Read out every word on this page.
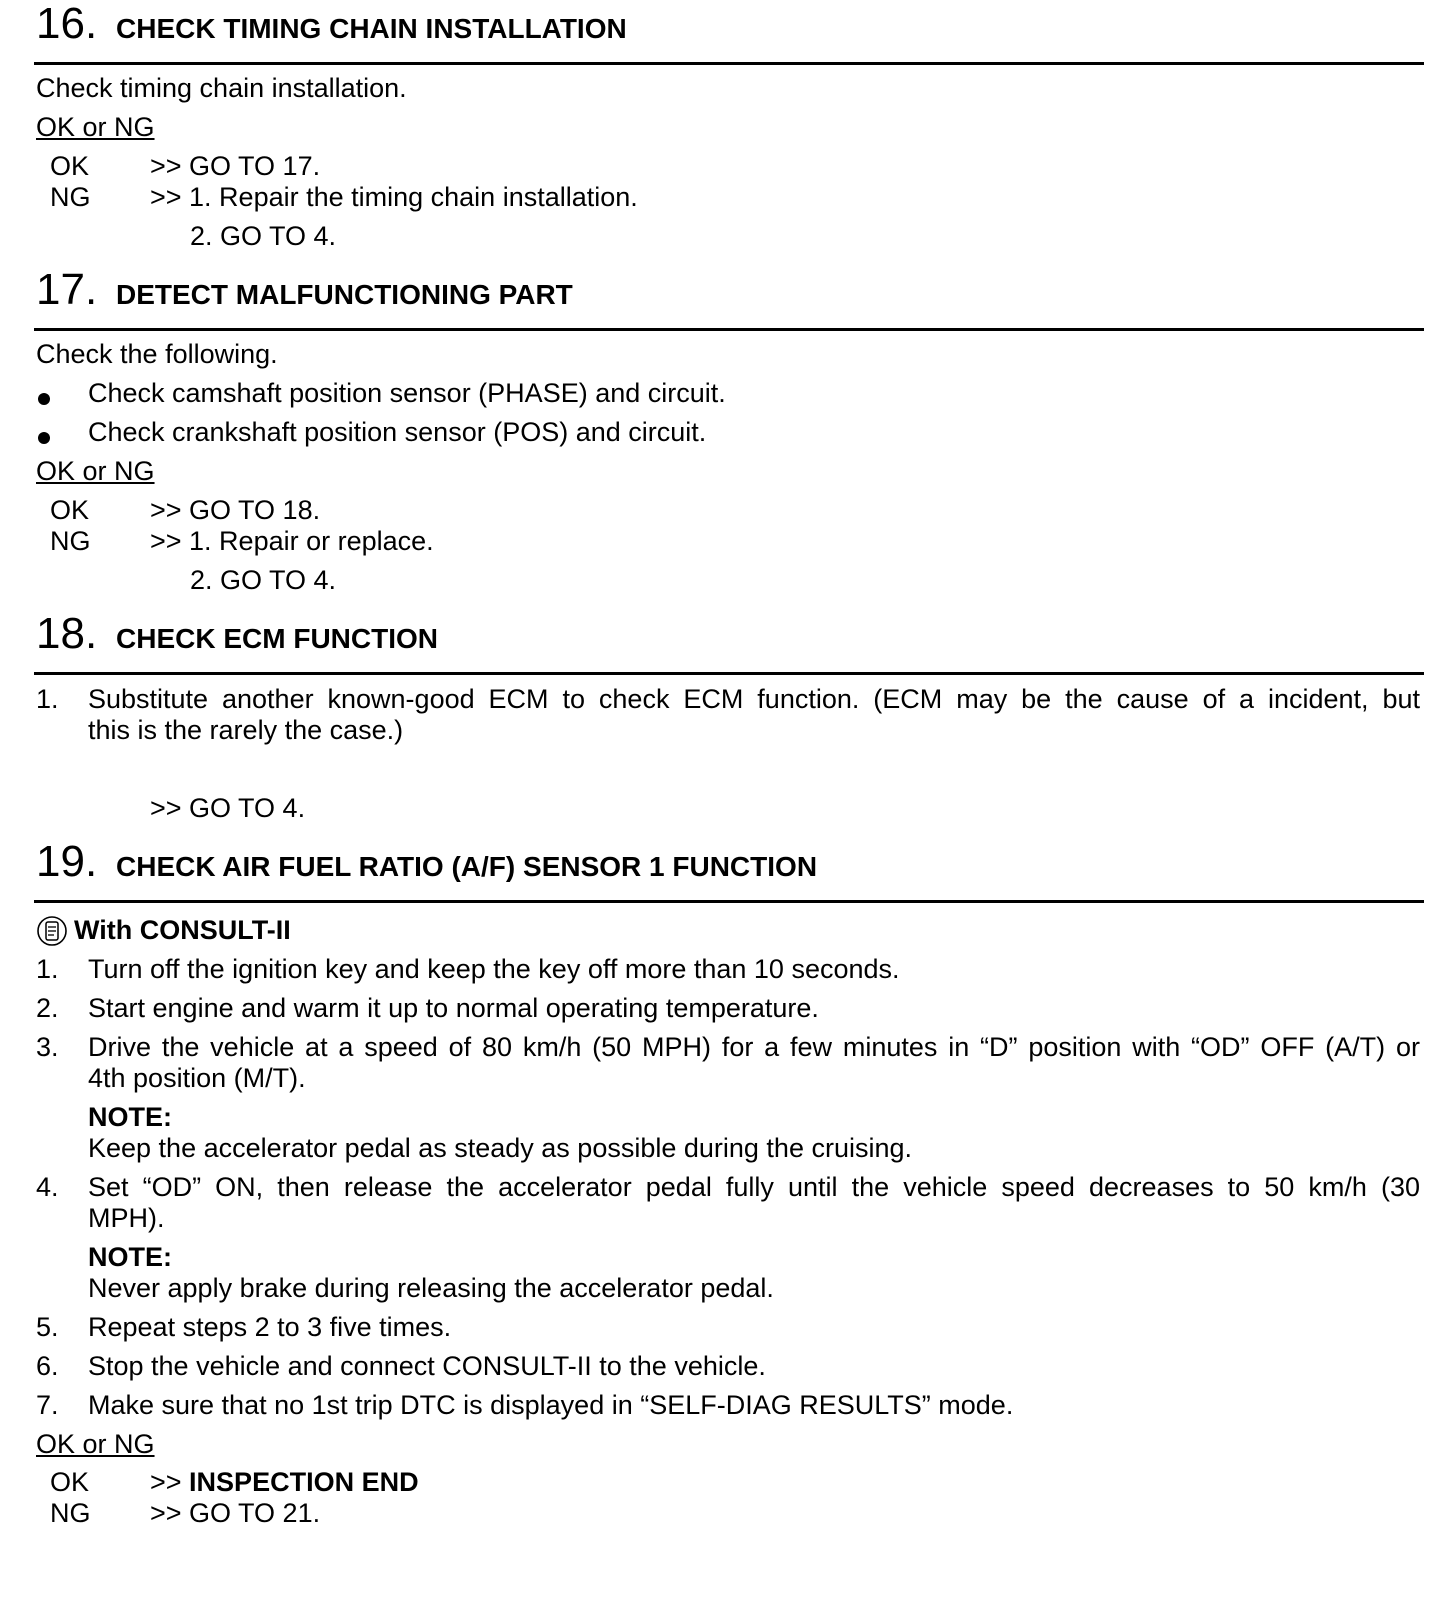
16. CHECK TIMING CHAIN INSTALLATION
Check timing chain installation.
OK or NG
OK >> GO TO 17.
NG >> 1. Repair the timing chain installation.
2. GO TO 4.
17. DETECT MALFUNCTIONING PART
Check the following.
Check camshaft position sensor (PHASE) and circuit.
Check crankshaft position sensor (POS) and circuit.
OK or NG
OK >> GO TO 18.
NG >> 1. Repair or replace.
2. GO TO 4.
18. CHECK ECM FUNCTION
1. Substitute another known-good ECM to check ECM function. (ECM may be the cause of a incident, but
this is the rarely the case.)
>> GO TO 4.
19. CHECK AIR FUEL RATIO (A/F) SENSOR 1 FUNCTION
With CONSULT-II
1. Turn off the ignition key and keep the key off more than 10 seconds.
2. Start engine and warm it up to normal operating temperature.
3. Drive the vehicle at a speed of 80 km/h (50 MPH) for a few minutes in “D” position with “OD” OFF (A/T) or
4th position (M/T).
NOTE:
Keep the accelerator pedal as steady as possible during the cruising.
4. Set “OD” ON, then release the accelerator pedal fully until the vehicle speed decreases to 50 km/h (30
MPH).
NOTE:
Never apply brake during releasing the accelerator pedal.
5. Repeat steps 2 to 3 five times.
6. Stop the vehicle and connect CONSULT-II to the vehicle.
7. Make sure that no 1st trip DTC is displayed in “SELF-DIAG RESULTS” mode.
OK or NG
OK >> INSPECTION END
NG >> GO TO 21.
